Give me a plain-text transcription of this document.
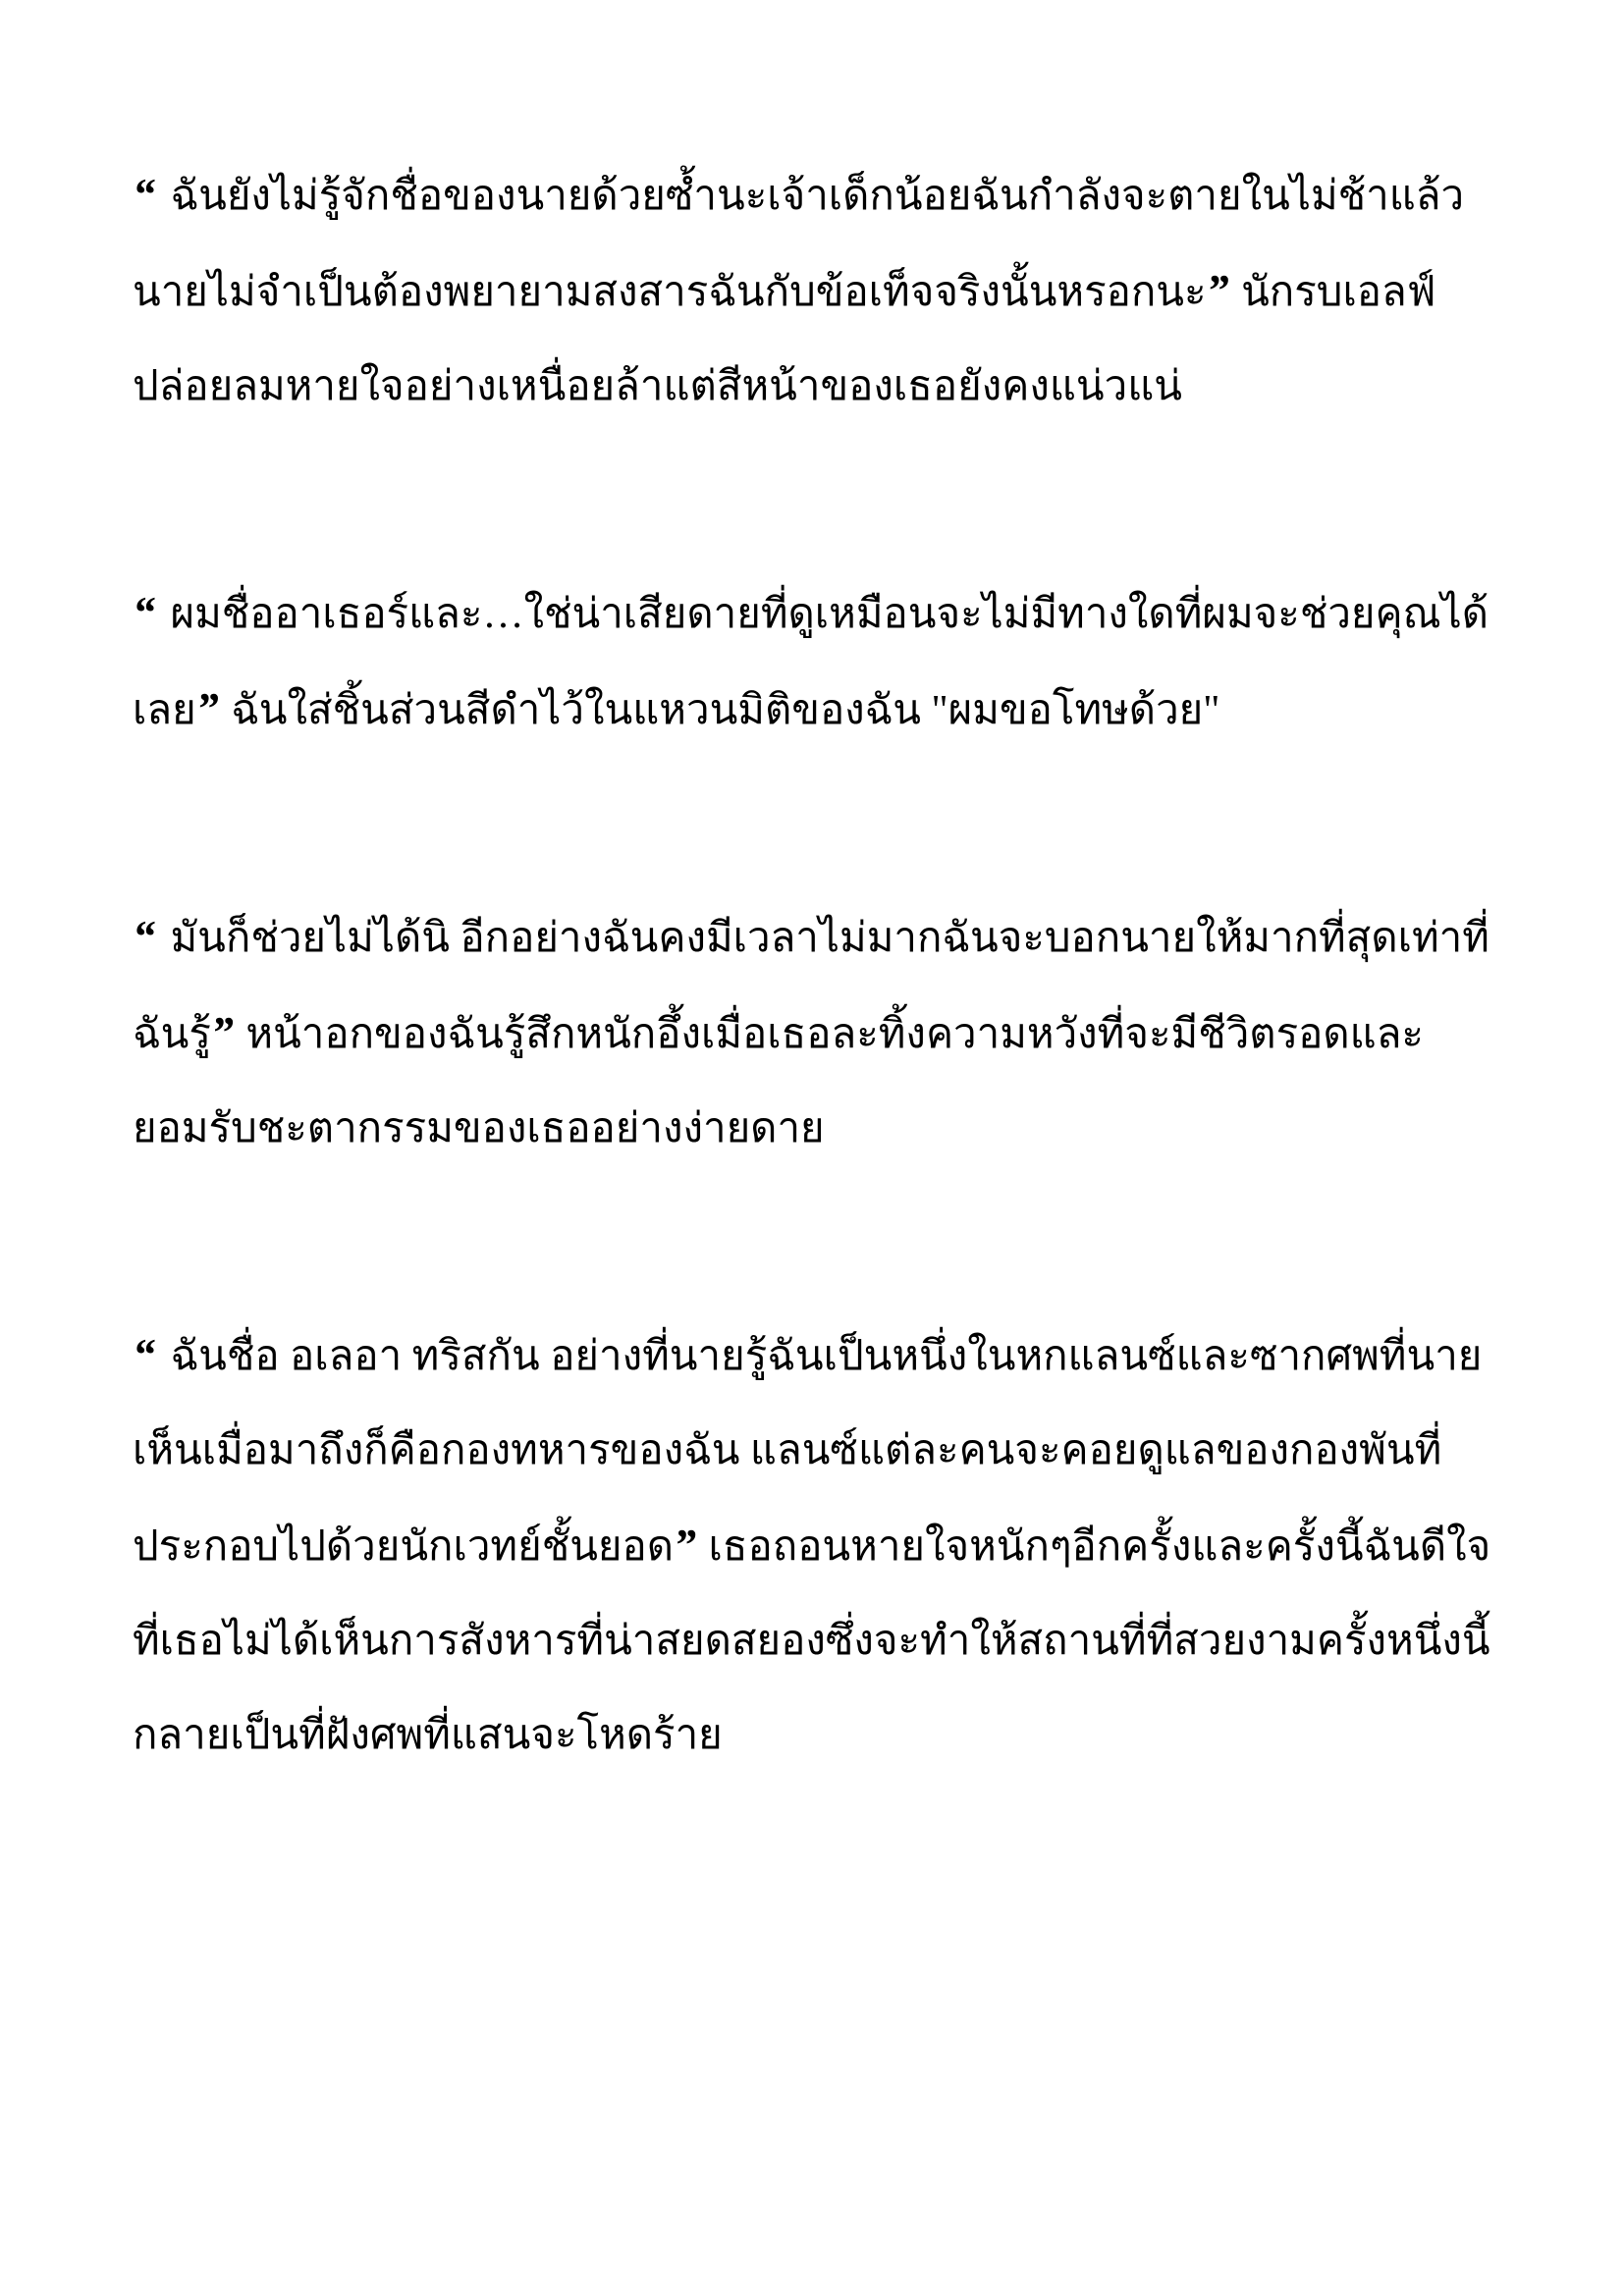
“ ฉันยังไม่รู้จักชื่อของนายด้วยซ้ำนะเจ้าเด็กน้อยฉันกำลังจะตายในไม่ช้าแล้ว นายไม่จำเป็นต้องพยายามสงสารฉันกับข้อเท็จจริงนั้นหรอกนะ” นักรบเอลฟ์ปล่อยลมหายใจอย่างเหนื่อยล้าแต่สีหน้าของเธอยังคงแน่วแน่

“ ผมชื่ออาเธอร์และ…ใช่น่าเสียดายที่ดูเหมือนจะไม่มีทางใดที่ผมจะช่วยคุณได้เลย” ฉันใส่ชิ้นส่วนสีดำไว้ในแหวนมิติของฉัน "ผมขอโทษด้วย"

“ มันก็ช่วยไม่ได้นิ อีกอย่างฉันคงมีเวลาไม่มากฉันจะบอกนายให้มากที่สุดเท่าที่ฉันรู้” หน้าอกของฉันรู้สึกหนักอึ้งเมื่อเธอละทิ้งความหวังที่จะมีชีวิตรอดและยอมรับชะตากรรมของเธออย่างง่ายดาย

“ ฉันชื่อ อเลอา ทริสกัน อย่างที่นายรู้ฉันเป็นหนึ่งในหกแลนซ์และซากศพที่นายเห็นเมื่อมาถึงก็คือกองทหารของฉัน แลนซ์แต่ละคนจะคอยดูแลของกองพันที่ประกอบไปด้วยนักเวทย์ชั้นยอด” เธอถอนหายใจหนักๆอีกครั้งและครั้งนี้ฉันดีใจที่เธอไม่ได้เห็นการสังหารที่น่าสยดสยองซึ่งจะทำให้สถานที่ที่สวยงามครั้งหนึ่งนี้กลายเป็นที่ฝังศพที่แสนจะโหดร้าย
